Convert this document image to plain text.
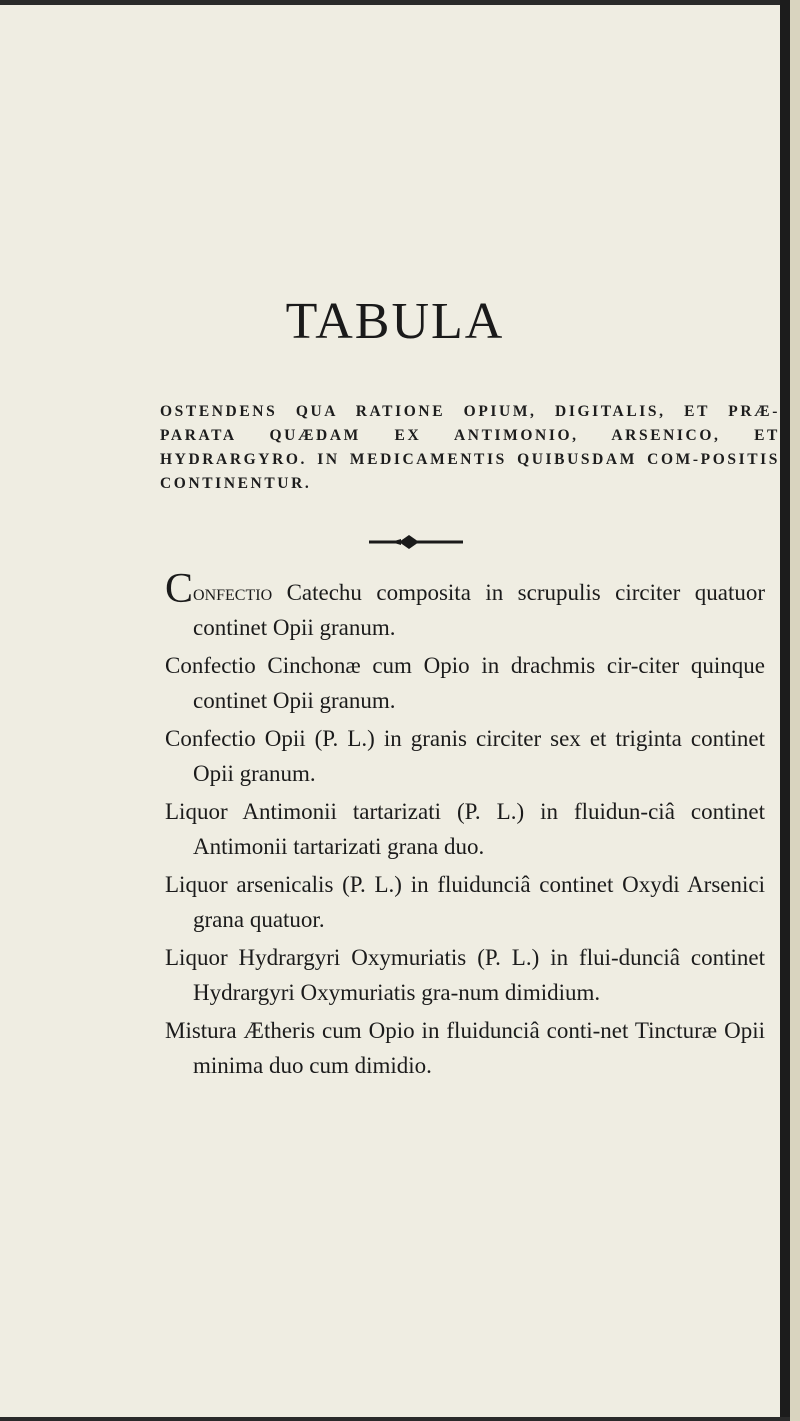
TABULA

OSTENDENS QUA RATIONE OPIUM, DIGITALIS, ET PRÆ-PARATA QUÆDAM EX ANTIMONIO, ARSENICO, ET HYDRARGYRO. IN MEDICAMENTIS QUIBUSDAM COM-POSITIS CONTINENTUR.

Confectio Catechu composita in scrupulis circiter quatuor continet Opii granum.
Confectio Cinchonæ cum Opio in drachmis cir-citer quinque continet Opii granum.
Confectio Opii (P. L.) in granis circiter sex et triginta continet Opii granum.
Liquor Antimonii tartarizati (P. L.) in fluidun-ciâ continet Antimonii tartarizati grana duo.
Liquor arsenicalis (P. L.) in fluidunciâ continet Oxydi Arsenici grana quatuor.
Liquor Hydrargyri Oxymuriatis (P. L.) in flui-dunciâ continet Hydrargyri Oxymuriatis gra-num dimidium.
Mistura Ætheris cum Opio in fluidunciâ conti-net Tincturæ Opii minima duo cum dimidio.
